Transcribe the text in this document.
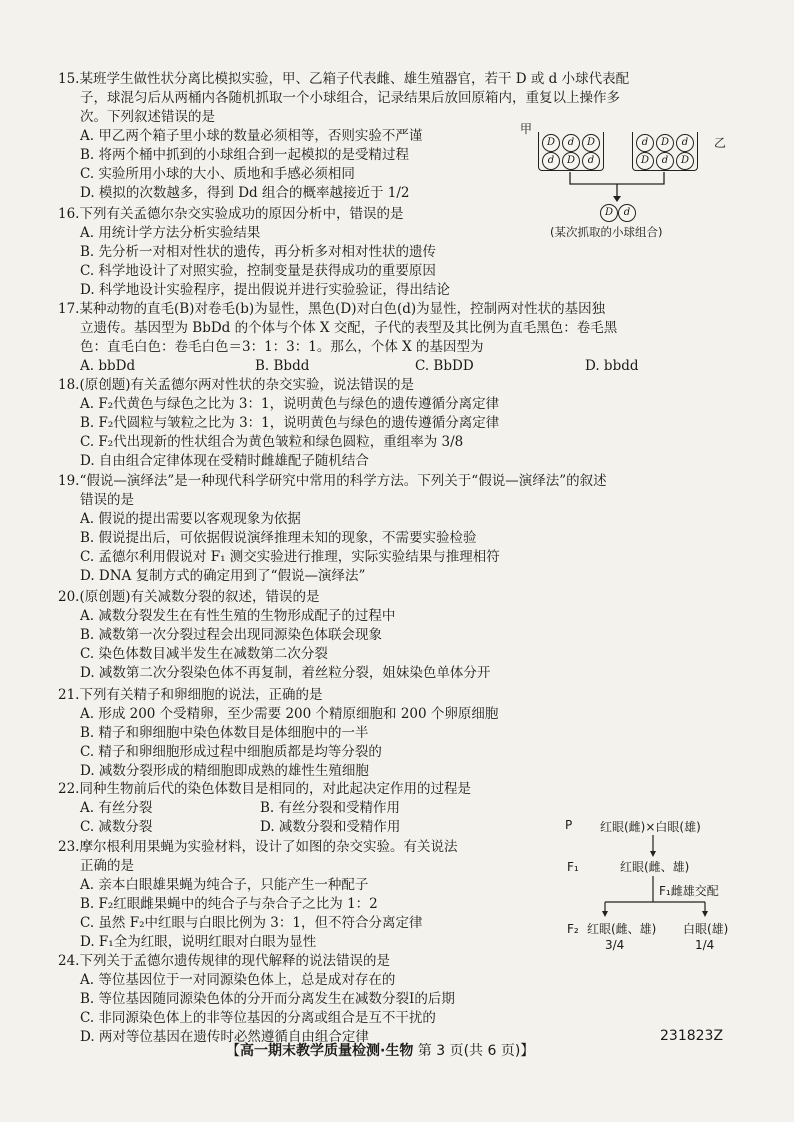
15.某班学生做性状分离比模拟实验，甲、乙箱子代表雌、雄生殖器官，若干 D 或 d 小球代表配
子，球混匀后从两桶内各随机抓取一个小球组合，记录结果后放回原箱内，重复以上操作多
次。下列叙述错误的是
A. 甲乙两个箱子里小球的数量必须相等，否则实验不严谨
B. 将两个桶中抓到的小球组合到一起模拟的是受精过程
C. 实验所用小球的大小、质地和手感必须相同
D. 模拟的次数越多，得到 Dd 组合的概率越接近于 1/2
甲
乙
D	d	D
d	D	d
d	D	d
D	d	D
D	d
(某次抓取的小球组合)
16.下列有关孟德尔杂交实验成功的原因分析中，错误的是
A. 用统计学方法分析实验结果
B. 先分析一对相对性状的遗传，再分析多对相对性状的遗传
C. 科学地设计了对照实验，控制变量是获得成功的重要原因
D. 科学地设计实验程序，提出假说并进行实验验证，得出结论
17.某种动物的直毛(B)对卷毛(b)为显性，黑色(D)对白色(d)为显性，控制两对性状的基因独
立遗传。基因型为 BbDd 的个体与个体 X 交配，子代的表型及其比例为直毛黑色：卷毛黑
色：直毛白色：卷毛白色＝3：1：3：1。那么，个体 X 的基因型为
A. bbDd	B. Bbdd	C. BbDD	D. bbdd
18.(原创题)有关孟德尔两对性状的杂交实验，说法错误的是
A. F₂代黄色与绿色之比为 3：1，说明黄色与绿色的遗传遵循分离定律
B. F₂代圆粒与皱粒之比为 3：1，说明黄色与绿色的遗传遵循分离定律
C. F₂代出现新的性状组合为黄色皱粒和绿色圆粒，重组率为 3/8
D. 自由组合定律体现在受精时雌雄配子随机结合
19.“假说—演绎法”是一种现代科学研究中常用的科学方法。下列关于“假说—演绎法”的叙述
错误的是
A. 假说的提出需要以客观现象为依据
B. 假说提出后，可依据假说演绎推理未知的现象，不需要实验检验
C. 孟德尔利用假说对 F₁ 测交实验进行推理，实际实验结果与推理相符
D. DNA 复制方式的确定用到了“假说—演绎法”
20.(原创题)有关减数分裂的叙述，错误的是
A. 减数分裂发生在有性生殖的生物形成配子的过程中
B. 减数第一次分裂过程会出现同源染色体联会现象
C. 染色体数目减半发生在减数第二次分裂
D. 减数第二次分裂染色体不再复制，着丝粒分裂，姐妹染色单体分开
21.下列有关精子和卵细胞的说法，正确的是
A. 形成 200 个受精卵，至少需要 200 个精原细胞和 200 个卵原细胞
B. 精子和卵细胞中染色体数目是体细胞中的一半
C. 精子和卵细胞形成过程中细胞质都是均等分裂的
D. 减数分裂形成的精细胞即成熟的雄性生殖细胞
22.同种生物前后代的染色体数目是相同的，对此起决定作用的过程是
A. 有丝分裂	B. 有丝分裂和受精作用
C. 减数分裂	D. 减数分裂和受精作用
23.摩尔根利用果蝇为实验材料，设计了如图的杂交实验。有关说法
正确的是
A. 亲本白眼雄果蝇为纯合子，只能产生一种配子
B. F₂红眼雌果蝇中的纯合子与杂合子之比为 1：2
C. 虽然 F₂中红眼与白眼比例为 3：1，但不符合分离定律
D. F₁全为红眼，说明红眼对白眼为显性
P 红眼(雌)×白眼(雄)
F₁	红眼(雌、雄)
F₁雌雄交配
F₂ 红眼(雌、雄) 白眼(雄)
3/4	1/4
24.下列关于孟德尔遗传规律的现代解释的说法错误的是
A. 等位基因位于一对同源染色体上，总是成对存在的
B. 等位基因随同源染色体的分开而分离发生在减数分裂Ⅰ的后期
C. 非同源染色体上的非等位基因的分离或组合是互不干扰的
D. 两对等位基因在遗传时必然遵循自由组合定律
【高一期末教学质量检测·生物 第 3 页(共 6 页)】
231823Z
